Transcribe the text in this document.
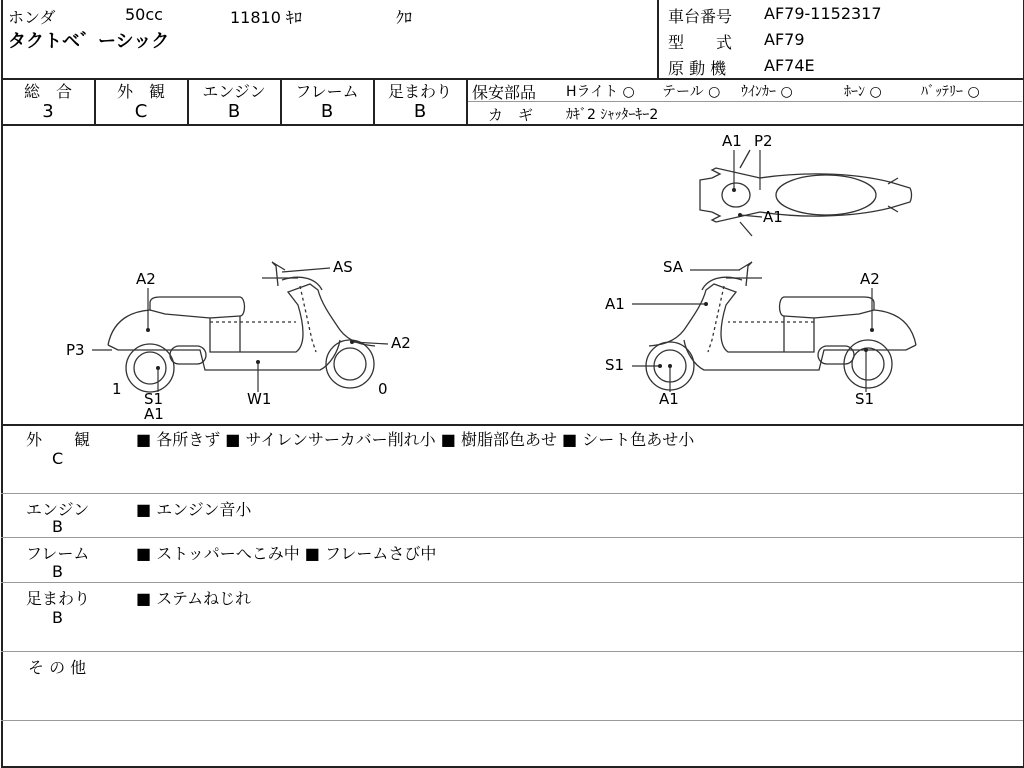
ホンダ	50cc	11810 ｷﾛ	ｸﾛ
タクトベ゛ーシック
車台番号 AF79-1152317
型　　式 AF79
原 動 機 AF74E
総　合
3
外　観
C
エンジン
B
フレーム
B
足まわり
B
保安部品 Hライト ○ テール ○ ｳｲﾝｶｰ ○	ﾎｰﾝ ○	ﾊﾞｯﾃﾘｰ ○
カ　ギ ｶｷﾞ2 ｼｬｯﾀｰｷｰ2
A2
AS
A2
P3
1
S1
A1
W1
0
SA
A2
A1
S1
A1	S1
A1 P2
A1
外　　観
C
■ 各所きず ■ サイレンサーカバー削れ小 ■ 樹脂部色あせ ■ シート色あせ小
エンジン
B
■ エンジン音小
フレーム
B
■ ストッパーへこみ中 ■ フレームさび中
足まわり
B
■ ステムねじれ
そ の 他
